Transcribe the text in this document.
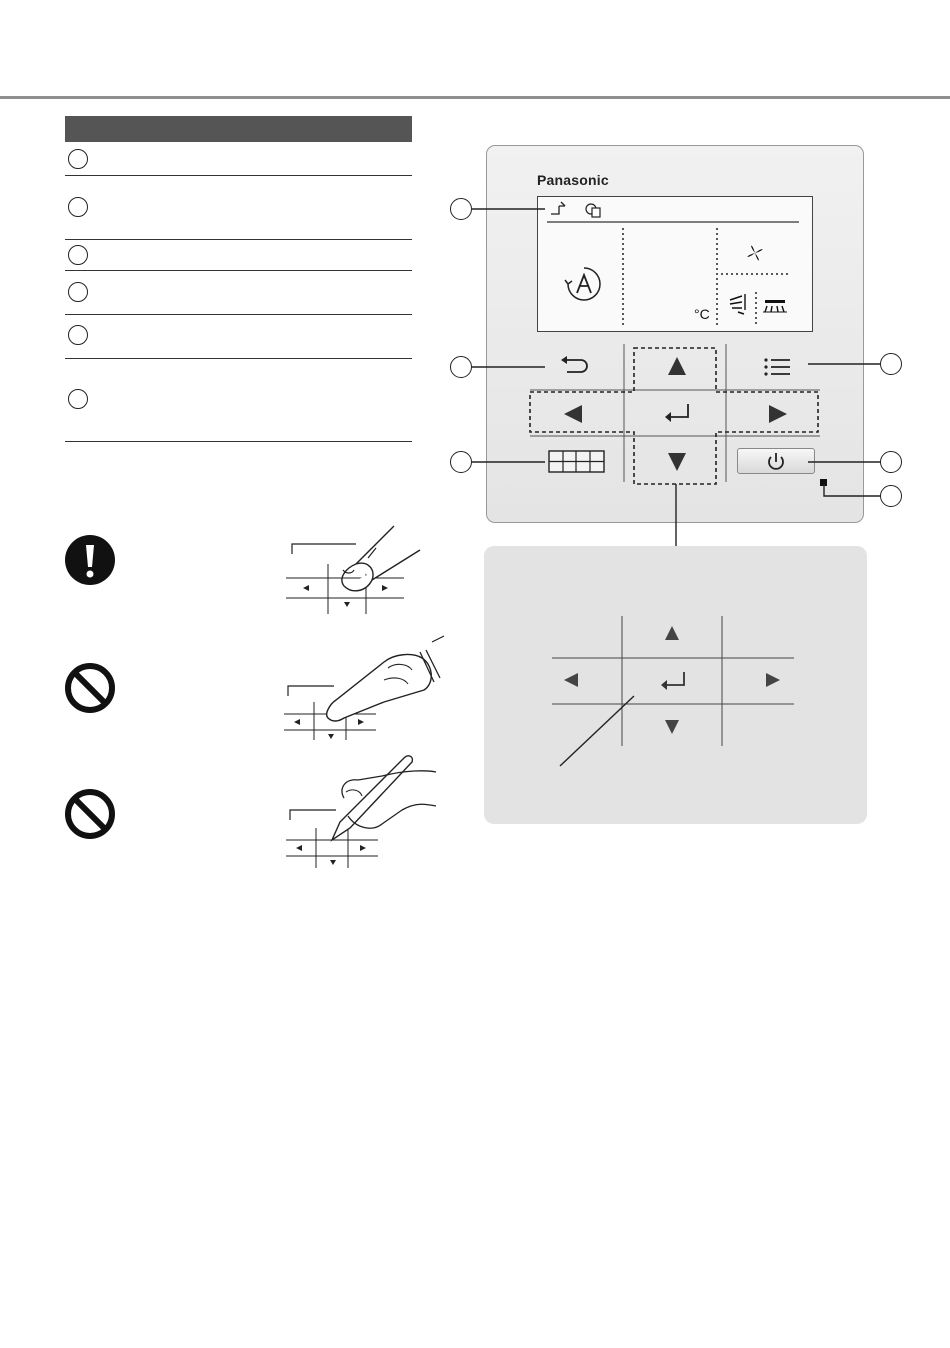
Panasonic
°C
